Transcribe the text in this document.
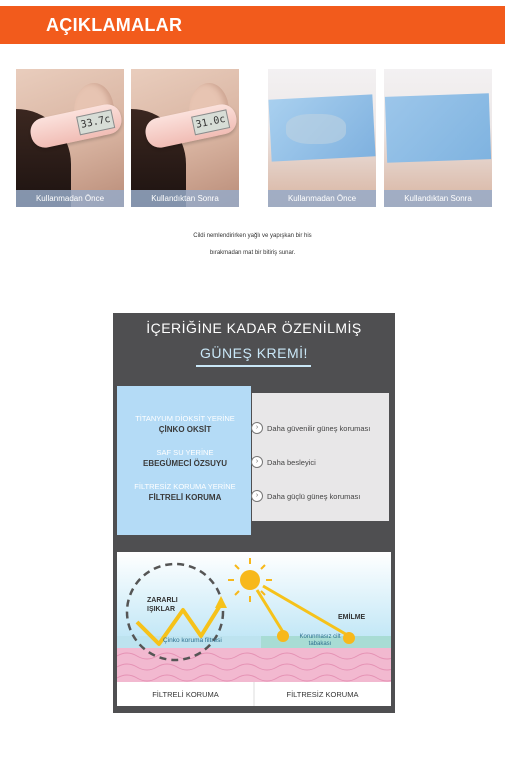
AÇIKLAMALAR
33.7c
Kullanmadan Önce
31.0c
Kullandıktan Sonra	Kullanmadan Önce	Kullandıktan Sonra
Cildi nemlendirirken yağlı ve yapışkan bir his
bırakmadan mat bir bitiriş sunar.
İÇERİĞİNE KADAR ÖZENİLMİŞ
GÜNEŞ KREMİ!
TİTANYUM DİOKSİT YERİNE
ÇİNKO OKSİT
SAF SU YERİNE
EBEGÜMECİ ÖZSUYU
FİLTRESİZ KORUMA YERİNE
FİLTRELİ KORUMA
›	Daha güvenilir güneş koruması
›	Daha besleyici
›	Daha güçlü güneş koruması
ZARARLI IŞIKLAR
Çinko koruma filtresi
EMİLME
Korunmasız cilt tabakası
FİLTRELİ KORUMA	FİLTRESİZ KORUMA
